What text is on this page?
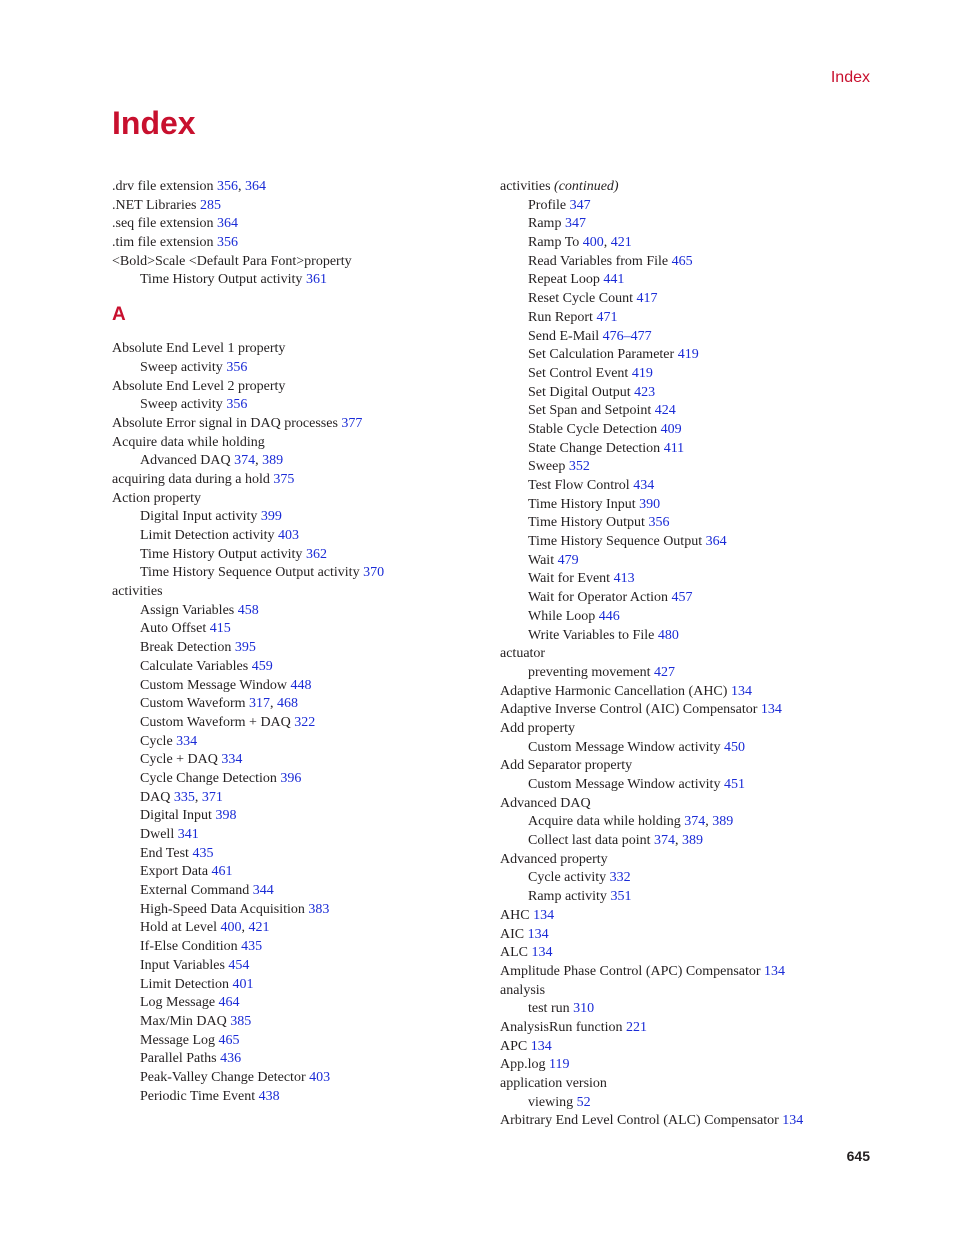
Index
Index
.drv file extension 356, 364
.NET Libraries 285
.seq file extension 364
.tim file extension 356
<Bold>Scale <Default Para Font>property
Time History Output activity 361
A
Absolute End Level 1 property
Sweep activity 356
Absolute End Level 2 property
Sweep activity 356
Absolute Error signal in DAQ processes 377
Acquire data while holding
Advanced DAQ 374, 389
acquiring data during a hold 375
Action property
Digital Input activity 399
Limit Detection activity 403
Time History Output activity 362
Time History Sequence Output activity 370
activities
Assign Variables 458
Auto Offset 415
Break Detection 395
Calculate Variables 459
Custom Message Window 448
Custom Waveform 317, 468
Custom Waveform + DAQ 322
Cycle 334
Cycle + DAQ 334
Cycle Change Detection 396
DAQ 335, 371
Digital Input 398
Dwell 341
End Test 435
Export Data 461
External Command 344
High-Speed Data Acquisition 383
Hold at Level 400, 421
If-Else Condition 435
Input Variables 454
Limit Detection 401
Log Message 464
Max/Min DAQ 385
Message Log 465
Parallel Paths 436
Peak-Valley Change Detector 403
Periodic Time Event 438
activities (continued)
Profile 347
Ramp 347
Ramp To 400, 421
Read Variables from File 465
Repeat Loop 441
Reset Cycle Count 417
Run Report 471
Send E-Mail 476–477
Set Calculation Parameter 419
Set Control Event 419
Set Digital Output 423
Set Span and Setpoint 424
Stable Cycle Detection 409
State Change Detection 411
Sweep 352
Test Flow Control 434
Time History Input 390
Time History Output 356
Time History Sequence Output 364
Wait 479
Wait for Event 413
Wait for Operator Action 457
While Loop 446
Write Variables to File 480
actuator
preventing movement 427
Adaptive Harmonic Cancellation (AHC) 134
Adaptive Inverse Control (AIC) Compensator 134
Add property
Custom Message Window activity 450
Add Separator property
Custom Message Window activity 451
Advanced DAQ
Acquire data while holding 374, 389
Collect last data point 374, 389
Advanced property
Cycle activity 332
Ramp activity 351
AHC 134
AIC 134
ALC 134
Amplitude Phase Control (APC) Compensator 134
analysis
test run 310
AnalysisRun function 221
APC 134
App.log 119
application version
viewing 52
Arbitrary End Level Control (ALC) Compensator 134
645
